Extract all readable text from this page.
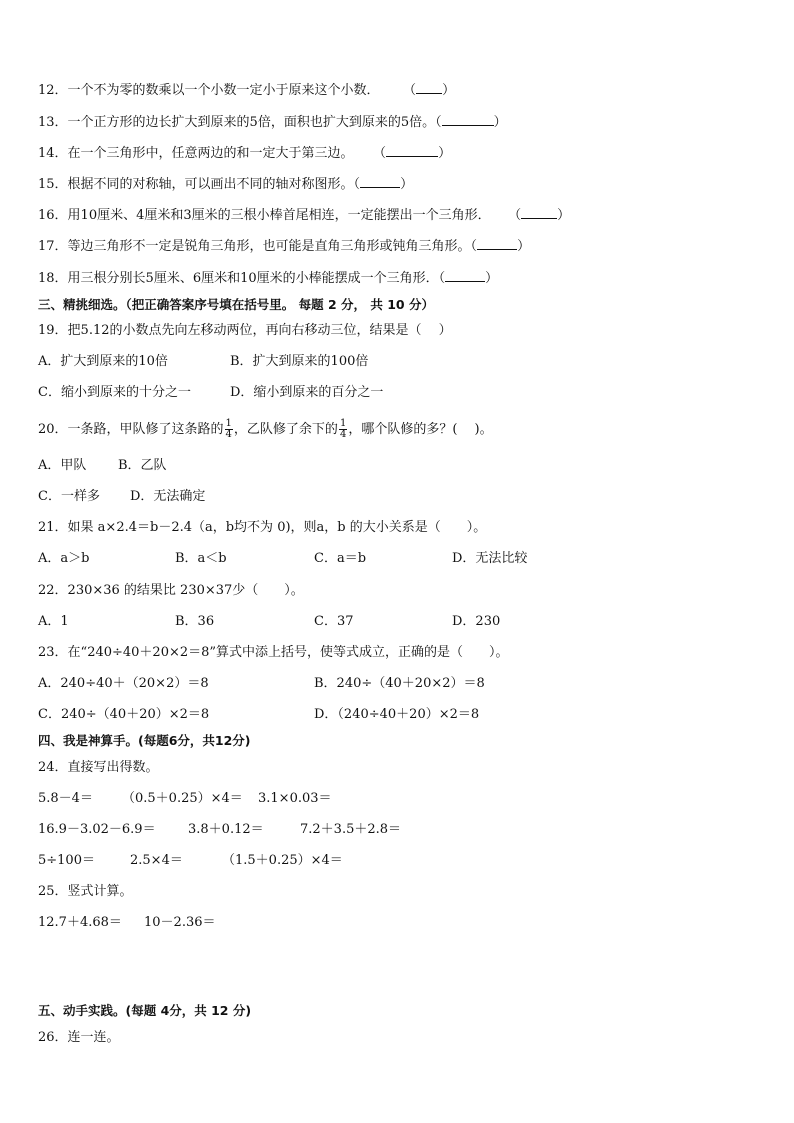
12．一个不为零的数乘以一个小数一定小于原来这个小数． （ ）
13．一个正方形的边长扩大到原来的5倍，面积也扩大到原来的5倍。（	）
14．在一个三角形中，任意两边的和一定大于第三边。 （	）
15．根据不同的对称轴，可以画出不同的轴对称图形。（	）
16．用10厘米、4厘米和3厘米的三根小棒首尾相连，一定能摆出一个三角形． （	）
17．等边三角形不一定是锐角三角形，也可能是直角三角形或钝角三角形。（	）
18．用三根分别长5厘米、6厘米和10厘米的小棒能摆成一个三角形．（	）
三、精挑细选。（把正确答案序号填在括号里。 每题 2 分， 共 10 分）
19．把5.12的小数点先向左移动两位，再向右移动三位，结果是（　 ）
A．扩大到原来的10倍	B．扩大到原来的100倍
C．缩小到原来的十分之一	D．缩小到原来的百分之一
20．一条路，甲队修了这条路的 $\frac{1}{4}$ ，乙队修了余下的 $\frac{1}{4}$ ，哪个队修的多？(　 )。
A．甲队 B．乙队
C．一样多 D．无法确定
21．如果 a×2.4＝b－2.4（a，b均不为 0)，则a，b 的大小关系是（　　）。
A．a＞b	B．a＜b	C．a＝b	D．无法比较
22．230×36 的结果比 230×37少（　　）。
A．1	B．36	C．37	D．230
23．在“240÷40＋20×2＝8”算式中添上括号，使等式成立，正确的是（　　）。
A．240÷40＋（20×2）＝8	B．240÷（40＋20×2）＝8
C．240÷（40＋20）×2＝8	D．（240÷40＋20）×2＝8
四、我是神算手。(每题6分，共12分)
24．直接写出得数。
5.8－4＝ （0.5＋0.25）×4＝ 3.1×0.03＝
16.9－3.02－6.9＝ 3.8＋0.12＝	7.2＋3.5＋2.8＝
5÷100＝	2.5×4＝	（1.5＋0.25）×4＝
25．竖式计算。
12.7＋4.68＝ 10－2.36＝
五、动手实践。(每题 4分，共 12 分)
26．连一连。
